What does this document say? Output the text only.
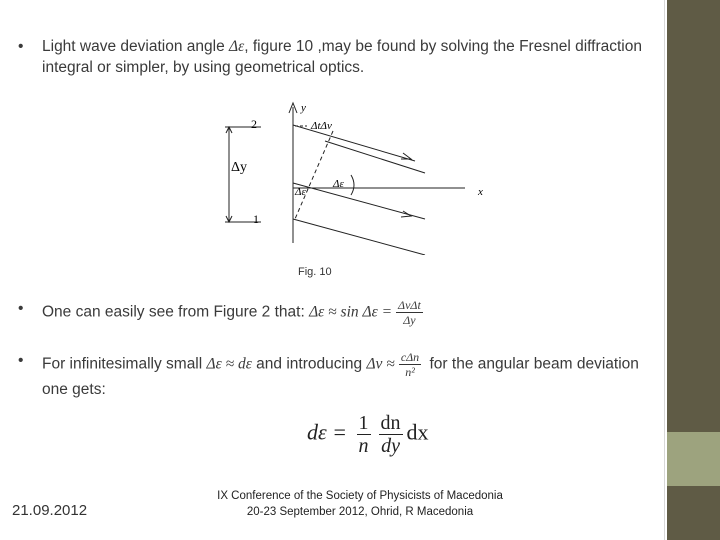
• Light wave deviation angle Δε, figure 10 ,may be found by solving the Fresnel diffraction integral or simpler, by using geometrical optics.
y
x
Δy
2
1
ΔtΔv
Δε
Δε
Fig. 10
• One can easily see from Figure 2 that: $\Delta\varepsilon \approx \sin \Delta\varepsilon = \frac{\text{ΔvΔt}}{\Delta y}$
• For infinitesimally small Δε ≈ dε and introducing $\Delta v \approx \frac{\text{cΔn}}{\text{n²}}$ for the angular beam deviation one gets:
$d\varepsilon = \frac{1}{n} \frac{dn}{dy}$ dx
21.09.2012
IX Conference of the Society of Physicists of Macedonia
20-23 September 2012, Ohrid, R Macedonia
